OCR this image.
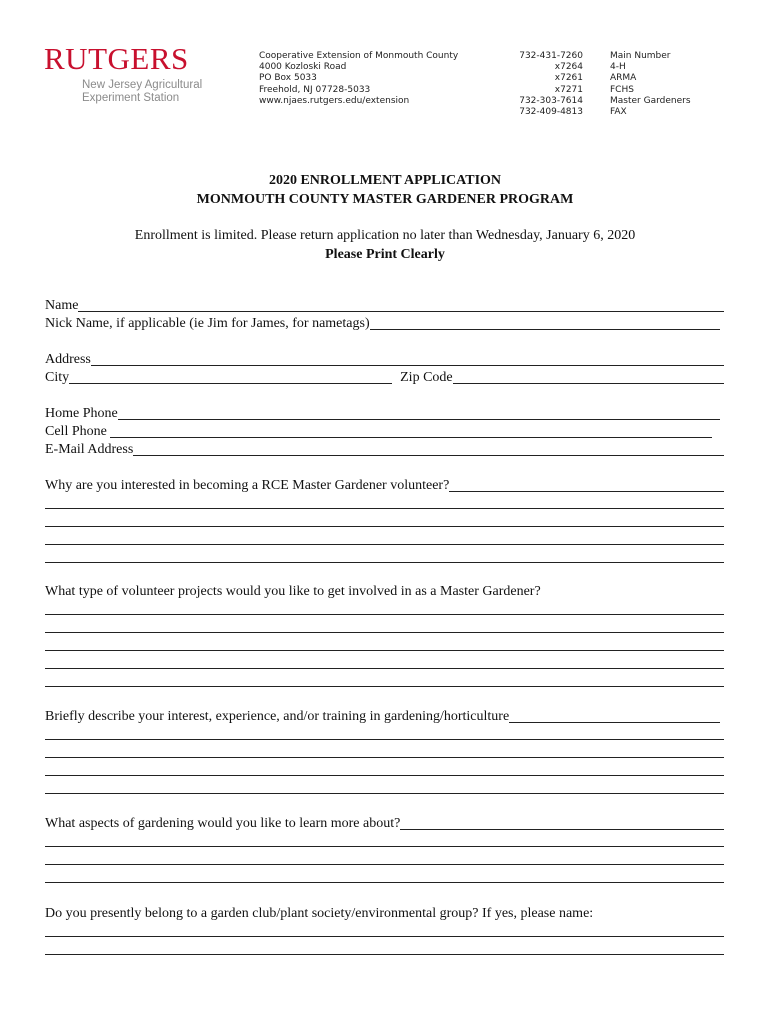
RUTGERS
New Jersey Agricultural
Experiment Station
Cooperative Extension of Monmouth County
4000 Kozloski Road
PO Box 5033
Freehold, NJ 07728-5033
www.njaes.rutgers.edu/extension
732-431-7260
x7264
x7261
x7271
732-303-7614
732-409-4813
Main Number
4-H
ARMA
FCHS
Master Gardeners
FAX
2020 ENROLLMENT APPLICATION
MONMOUTH COUNTY MASTER GARDENER PROGRAM
Enrollment is limited. Please return application no later than Wednesday, January 6, 2020
Please Print Clearly
Name
Nick Name, if applicable (ie Jim for James, for nametags)
Address
City	Zip Code
Home Phone
Cell Phone
E-Mail Address
Why are you interested in becoming a RCE Master Gardener volunteer?
What type of volunteer projects would you like to get involved in as a Master Gardener?
Briefly describe your interest, experience, and/or training in gardening/horticulture
What aspects of gardening would you like to learn more about?
Do you presently belong to a garden club/plant society/environmental group? If yes, please name:
